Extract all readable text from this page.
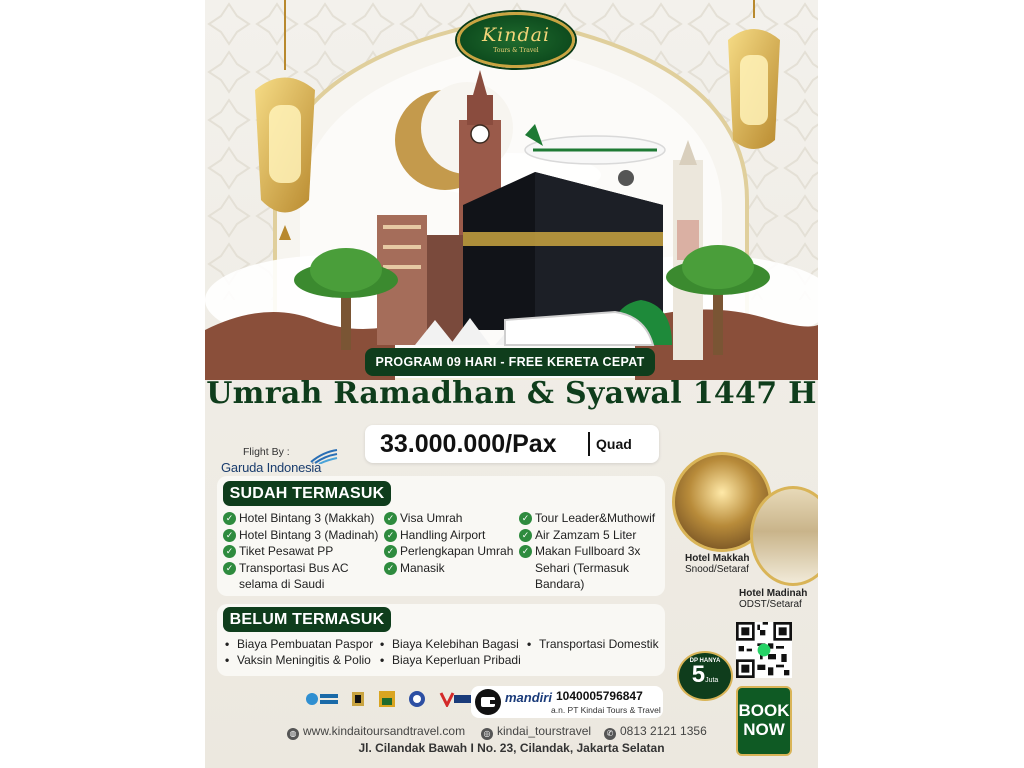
Kindai
Tours & Travel
PROGRAM 09 HARI - FREE KERETA CEPAT
Umrah Ramadhan & Syawal 1447 H
33.000.000/Pax	Quad
Flight By :
Garuda Indonesia
SUDAH TERMASUK
✓ Hotel Bintang 3 (Makkah)
✓ Hotel Bintang 3 (Madinah)
✓ Tiket Pesawat PP
✓ Transportasi Bus AC selama di Saudi
✓ Visa Umrah
✓ Handling Airport
✓ Perlengkapan Umrah
✓ Manasik
✓ Tour Leader&Muthowif
✓ Air Zamzam 5 Liter
✓ Makan Fullboard 3x Sehari (Termasuk Bandara)
BELUM TERMASUK
• Biaya Pembuatan Paspor
• Vaksin Meningitis & Polio
• Biaya Kelebihan Bagasi
• Biaya Keperluan Pribadi
• Transportasi Domestik
Hotel Makkah
Snood/Setaraf
Hotel Madinah
ODST/Setaraf
DP HANYA
5Juta
BOOK
NOW

mandiri 1040005796847
a.n. PT Kindai Tours & Travel
◍ www.kindaitoursandtravel.com	◎ kindai_tourstravel	✆ 0813 2121 1356
Jl. Cilandak Bawah I No. 23, Cilandak, Jakarta Selatan
